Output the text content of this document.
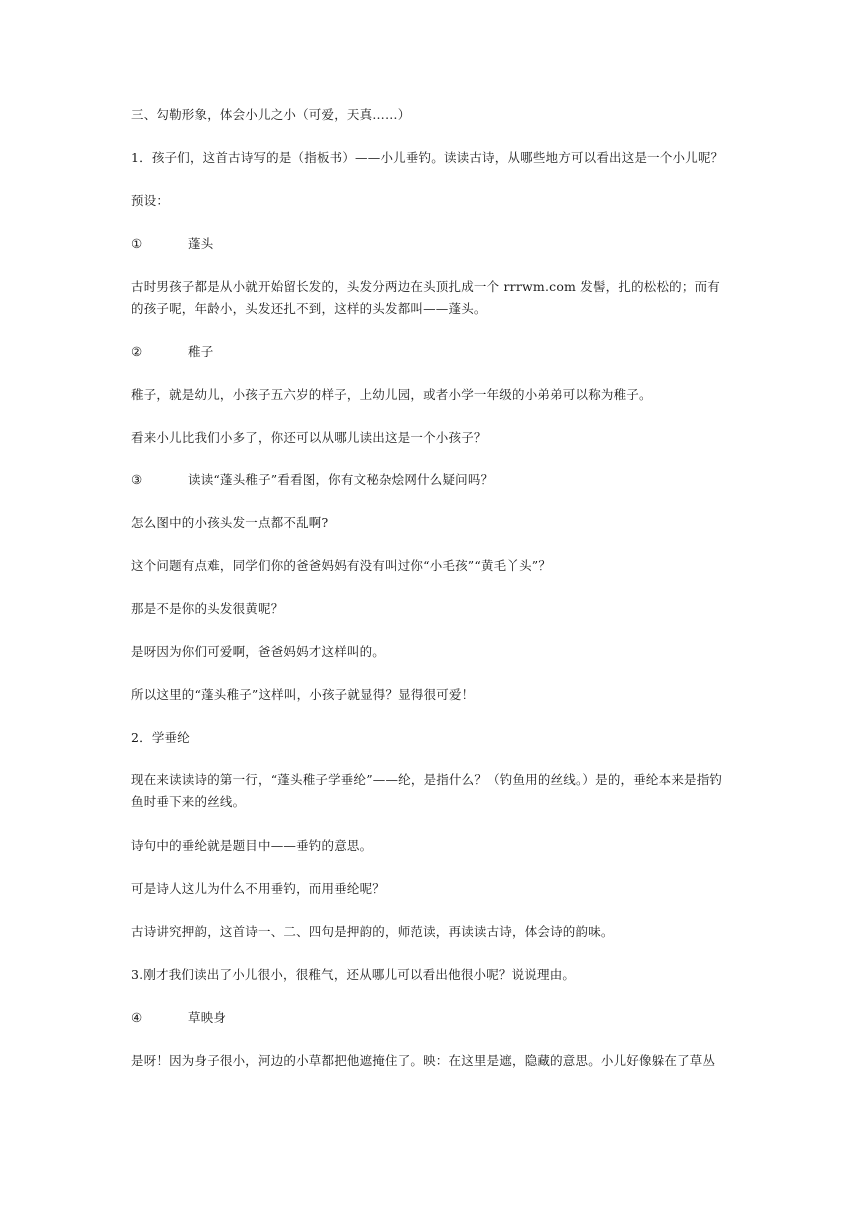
三、勾勒形象，体会小儿之小（可爱，天真……）
1．孩子们，这首古诗写的是（指板书）——小儿垂钓。读读古诗，从哪些地方可以看出这是一个小儿呢？
预设：
①	蓬头
古时男孩子都是从小就开始留长发的，头发分两边在头顶扎成一个 rrrwm.com 发髻，扎的松松的；而有的孩子呢，年龄小，头发还扎不到，这样的头发都叫——蓬头。
②	稚子
稚子，就是幼儿，小孩子五六岁的样子，上幼儿园，或者小学一年级的小弟弟可以称为稚子。
看来小儿比我们小多了，你还可以从哪儿读出这是一个小孩子？
③	读读“蓬头稚子”看看图，你有文秘杂烩网什么疑问吗？
怎么图中的小孩头发一点都不乱啊?
这个问题有点难，同学们你的爸爸妈妈有没有叫过你“小毛孩”“黄毛丫头”？
那是不是你的头发很黄呢？
是呀因为你们可爱啊，爸爸妈妈才这样叫的。
所以这里的“蓬头稚子”这样叫，小孩子就显得？显得很可爱！
2．学垂纶
现在来读读诗的第一行，“蓬头稚子学垂纶”——纶，是指什么？（钓鱼用的丝线。）是的，垂纶本来是指钓鱼时垂下来的丝线。
诗句中的垂纶就是题目中——垂钓的意思。
可是诗人这儿为什么不用垂钓，而用垂纶呢？
古诗讲究押韵，这首诗一、二、四句是押韵的，师范读，再读读古诗，体会诗的韵味。
3.刚才我们读出了小儿很小，很稚气，还从哪儿可以看出他很小呢？说说理由。
④	草映身
是呀！因为身子很小，河边的小草都把他遮掩住了。映：在这里是遮，隐藏的意思。小儿好像躲在了草丛
